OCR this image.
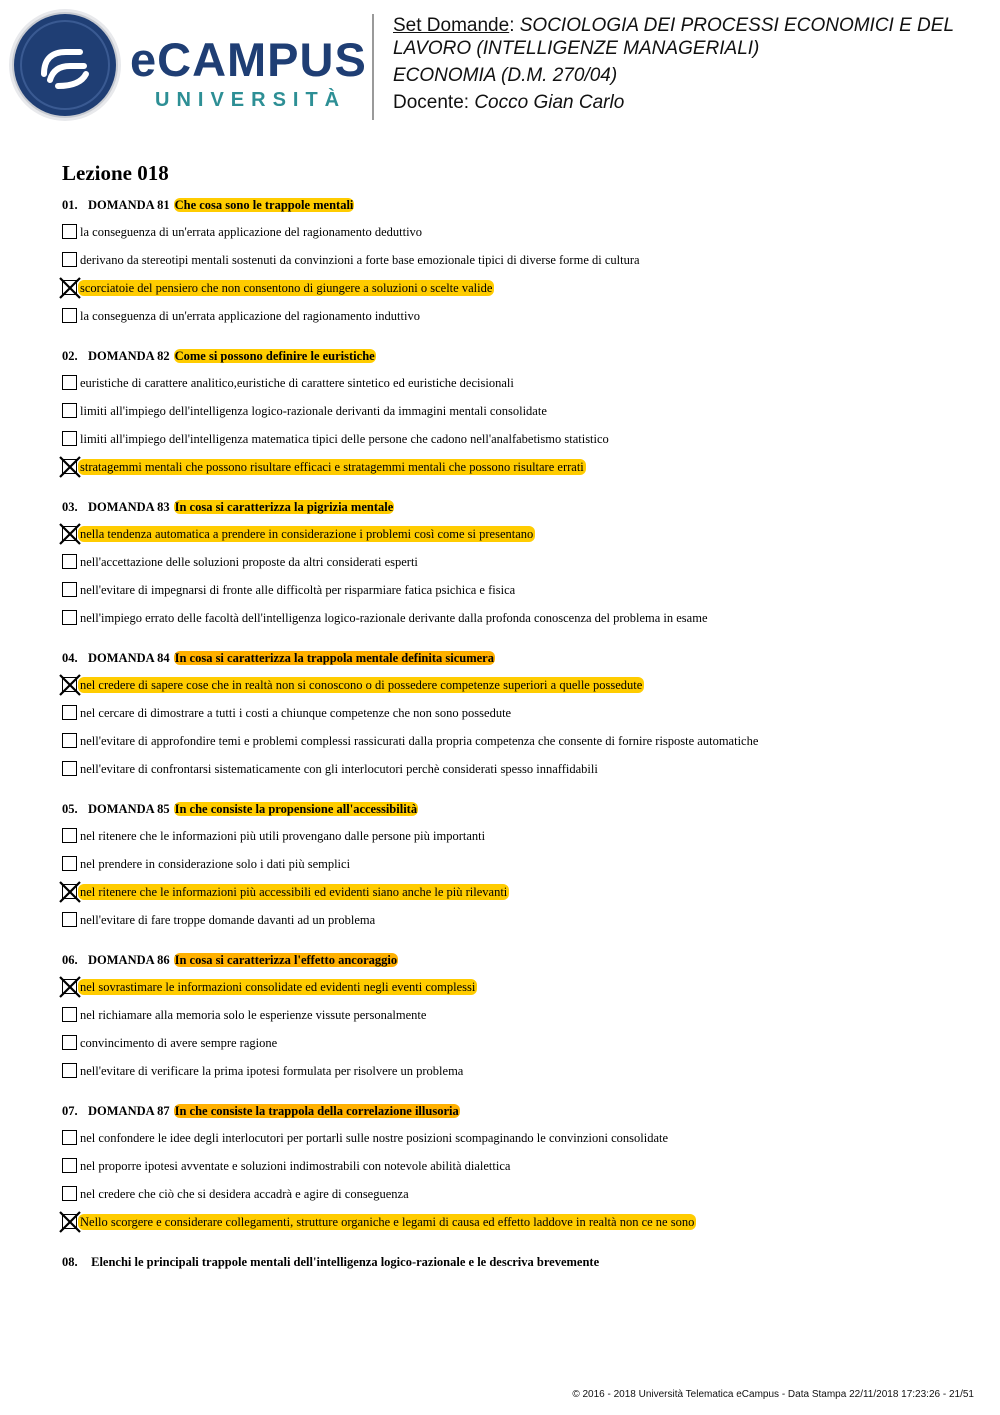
eCAMPUS
UNIVERSITÀ
Set Domande: SOCIOLOGIA DEI PROCESSI ECONOMICI E DEL
LAVORO (INTELLIGENZE MANAGERIALI)
ECONOMIA (D.M. 270/04)
Docente: Cocco Gian Carlo
Lezione 018
01. DOMANDA 81 Che cosa sono le trappole mentali
la conseguenza di un'errata applicazione del ragionamento deduttivo
derivano da stereotipi mentali sostenuti da convinzioni a forte base emozionale tipici di diverse forme di cultura
scorciatoie del pensiero che non consentono di giungere a soluzioni o scelte valide
la conseguenza di un'errata applicazione del ragionamento induttivo
02. DOMANDA 82 Come si possono definire le euristiche
euristiche di carattere analitico,euristiche di carattere sintetico ed euristiche decisionali
limiti all'impiego dell'intelligenza logico-razionale derivanti da immagini mentali consolidate
limiti all'impiego dell'intelligenza matematica tipici delle persone che cadono nell'analfabetismo statistico
stratagemmi mentali che possono risultare efficaci e stratagemmi mentali che possono risultare errati
03. DOMANDA 83 In cosa si caratterizza la pigrizia mentale
nella tendenza automatica a prendere in considerazione i problemi così come si presentano
nell'accettazione delle soluzioni proposte da altri considerati esperti
nell'evitare di impegnarsi di fronte alle difficoltà per risparmiare fatica psichica e fisica
nell'impiego errato delle facoltà dell'intelligenza logico-razionale derivante dalla profonda conoscenza del problema in esame
04. DOMANDA 84 In cosa si caratterizza la trappola mentale definita sicumera
nel credere di sapere cose che in realtà non si conoscono o di possedere competenze superiori a quelle possedute
nel cercare di dimostrare a tutti i costi a chiunque competenze che non sono possedute
nell'evitare di approfondire temi e problemi complessi rassicurati dalla propria competenza che consente di fornire risposte automatiche
nell'evitare di confrontarsi sistematicamente con gli interlocutori perchè considerati spesso innaffidabili
05. DOMANDA 85 In che consiste la propensione all'accessibilità
nel ritenere che le informazioni più utili provengano dalle persone più importanti
nel prendere in considerazione solo i dati più semplici
nel ritenere che le informazioni più accessibili ed evidenti siano anche le più rilevanti
nell'evitare di fare troppe domande davanti ad un problema
06. DOMANDA 86 In cosa si caratterizza l'effetto ancoraggio
nel sovrastimare le informazioni consolidate ed evidenti negli eventi complessi
nel richiamare alla memoria solo le esperienze vissute personalmente
convincimento di avere sempre ragione
nell'evitare di verificare la prima ipotesi formulata per risolvere un problema
07. DOMANDA 87 In che consiste la trappola della correlazione illusoria
nel confondere le idee degli interlocutori per portarli sulle nostre posizioni scompaginando le convinzioni consolidate
nel proporre ipotesi avventate e soluzioni indimostrabili con notevole abilità dialettica
nel credere che ciò che si desidera accadrà e agire di conseguenza
Nello scorgere e considerare collegamenti, strutture organiche e legami di causa ed effetto laddove in realtà non ce ne sono
08. Elenchi le principali trappole mentali dell'intelligenza logico-razionale e le descriva brevemente
© 2016 - 2018 Università Telematica eCampus - Data Stampa 22/11/2018 17:23:26 - 21/51
